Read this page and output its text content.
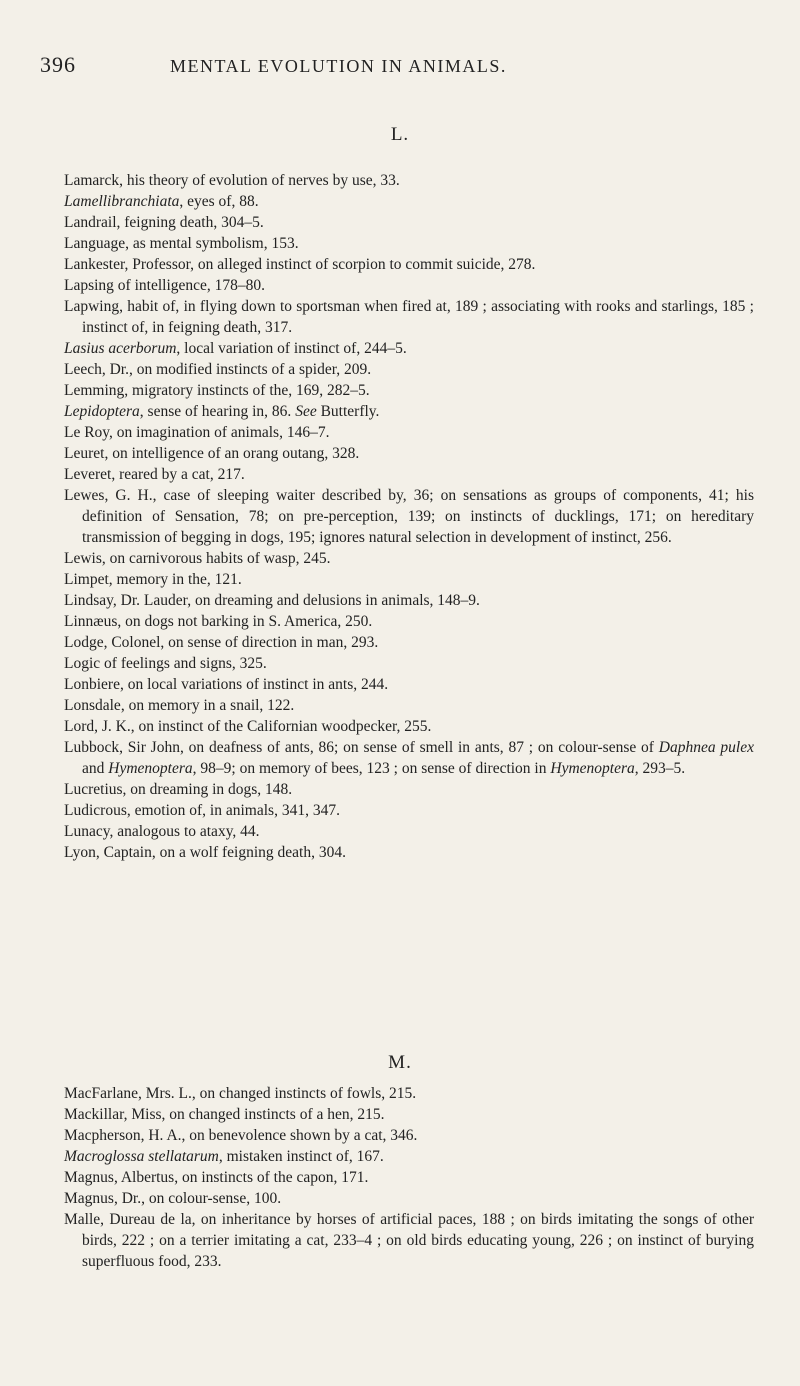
396	MENTAL EVOLUTION IN ANIMALS.
L.
Lamarck, his theory of evolution of nerves by use, 33.
Lamellibranchiata, eyes of, 88.
Landrail, feigning death, 304–5.
Language, as mental symbolism, 153.
Lankester, Professor, on alleged instinct of scorpion to commit suicide, 278.
Lapsing of intelligence, 178–80.
Lapwing, habit of, in flying down to sportsman when fired at, 189 ; associating with rooks and starlings, 185 ; instinct of, in feigning death, 317.
Lasius acerborum, local variation of instinct of, 244–5.
Leech, Dr., on modified instincts of a spider, 209.
Lemming, migratory instincts of the, 169, 282–5.
Lepidoptera, sense of hearing in, 86. See Butterfly.
Le Roy, on imagination of animals, 146–7.
Leuret, on intelligence of an orang outang, 328.
Leveret, reared by a cat, 217.
Lewes, G. H., case of sleeping waiter described by, 36; on sensations as groups of components, 41; his definition of Sensation, 78; on pre-perception, 139; on instincts of ducklings, 171; on hereditary transmission of begging in dogs, 195; ignores natural selection in development of instinct, 256.
Lewis, on carnivorous habits of wasp, 245.
Limpet, memory in the, 121.
Lindsay, Dr. Lauder, on dreaming and delusions in animals, 148–9.
Linnæus, on dogs not barking in S. America, 250.
Lodge, Colonel, on sense of direction in man, 293.
Logic of feelings and signs, 325.
Lonbiere, on local variations of instinct in ants, 244.
Lonsdale, on memory in a snail, 122.
Lord, J. K., on instinct of the Californian woodpecker, 255.
Lubbock, Sir John, on deafness of ants, 86; on sense of smell in ants, 87 ; on colour-sense of Daphnea pulex and Hymenoptera, 98–9; on memory of bees, 123 ; on sense of direction in Hymenoptera, 293–5.
Lucretius, on dreaming in dogs, 148.
Ludicrous, emotion of, in animals, 341, 347.
Lunacy, analogous to ataxy, 44.
Lyon, Captain, on a wolf feigning death, 304.
M.
MacFarlane, Mrs. L., on changed instincts of fowls, 215.
Mackillar, Miss, on changed instincts of a hen, 215.
Macpherson, H. A., on benevolence shown by a cat, 346.
Macroglossa stellatarum, mistaken instinct of, 167.
Magnus, Albertus, on instincts of the capon, 171.
Magnus, Dr., on colour-sense, 100.
Malle, Dureau de la, on inheritance by horses of artificial paces, 188 ; on birds imitating the songs of other birds, 222 ; on a terrier imitating a cat, 233–4 ; on old birds educating young, 226 ; on instinct of burying superfluous food, 233.
